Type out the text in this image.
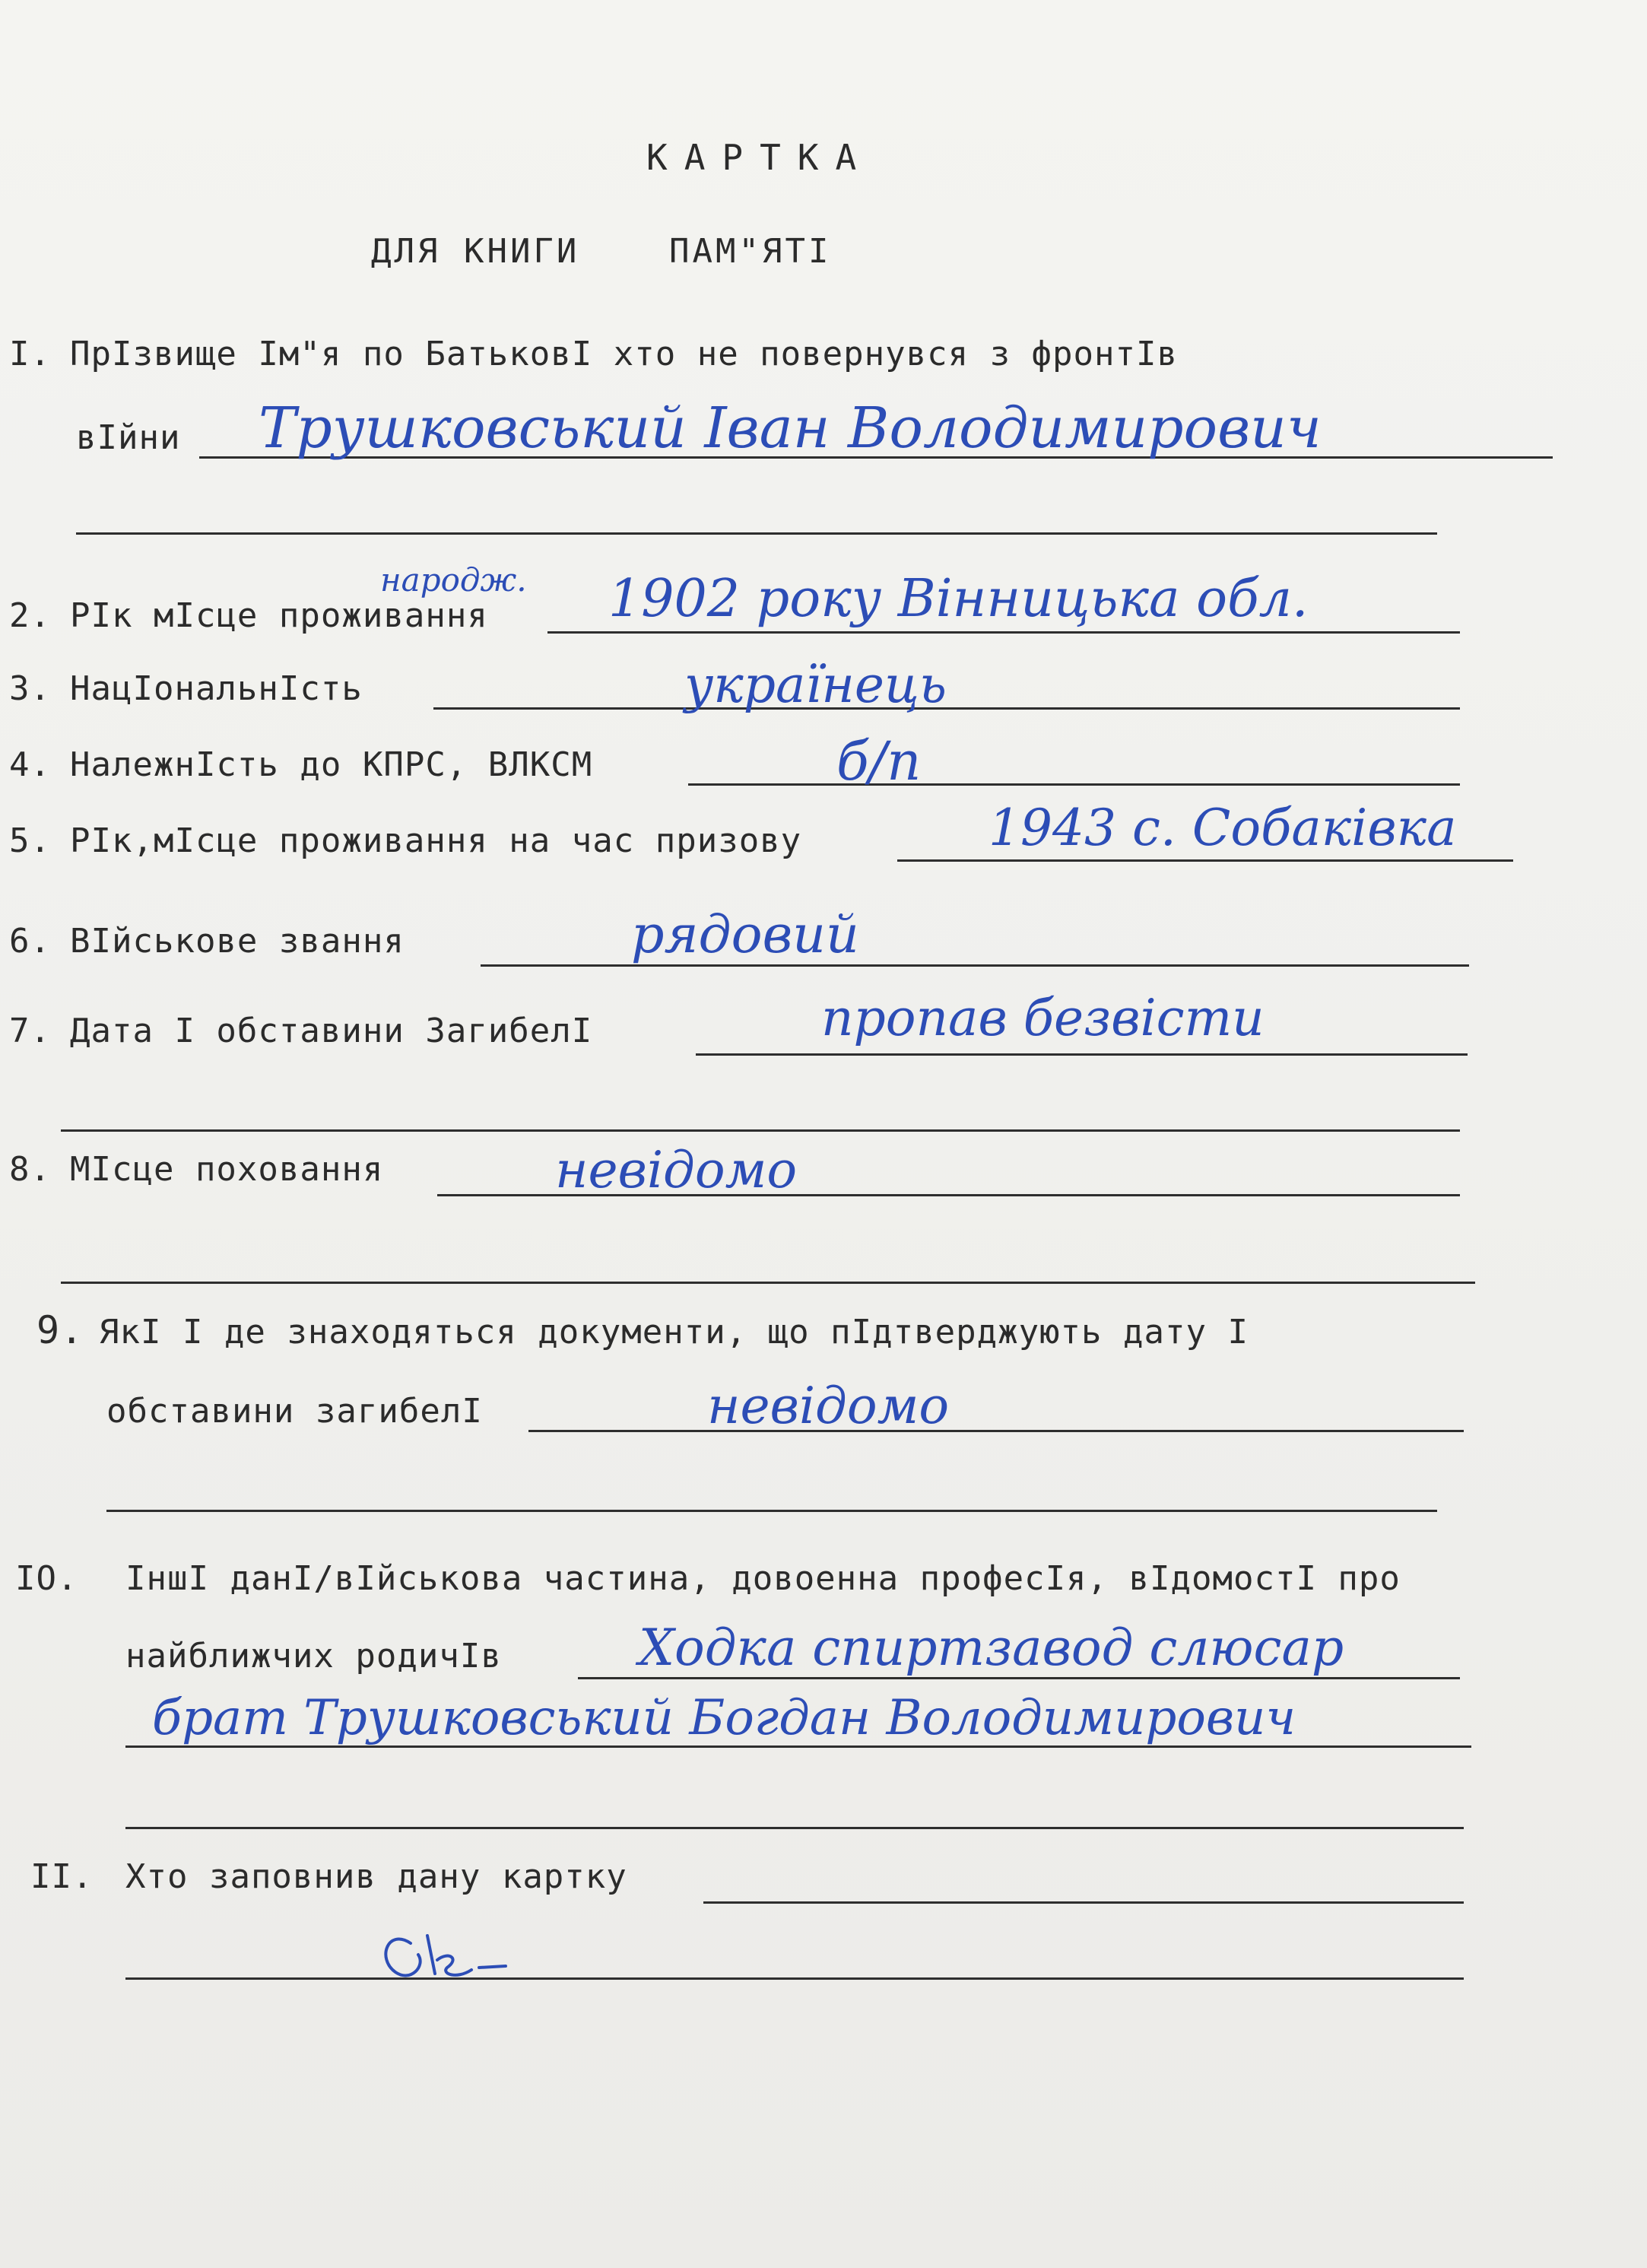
КАРТКА
ДЛЯ КНИГИ	ПАМ"ЯТI
I. ПрIзвище Iм"я по БатьковI хто не повернувся з фронтIв
вIйни Трушковський Іван Володимирович
2. РIк мIсце проживання
народж. 1902 року Вінницька обл.
3. НацIональнIсть	українець
4. НалежнIсть до КПРС, ВЛКСМ	б/п
5. РIк,мIсце проживання на час призову	1943 с. Собаківка
6. ВIйськове звання	рядовий
7. Дата I обставини ЗагибелI	пропав безвісти
8. МIсце поховання	невідомо
9. ЯкI I де знаходяться документи, що пIдтверджують дату I
обставини загибелI	невідомо
IO. IншI данI/вIйськова частина, довоенна професIя, вIдомостI про
найближчих родичIв	Ходка спиртзавод слюсар
брат Трушковський Богдан Володимирович
II. Хто заповнив дану картку
